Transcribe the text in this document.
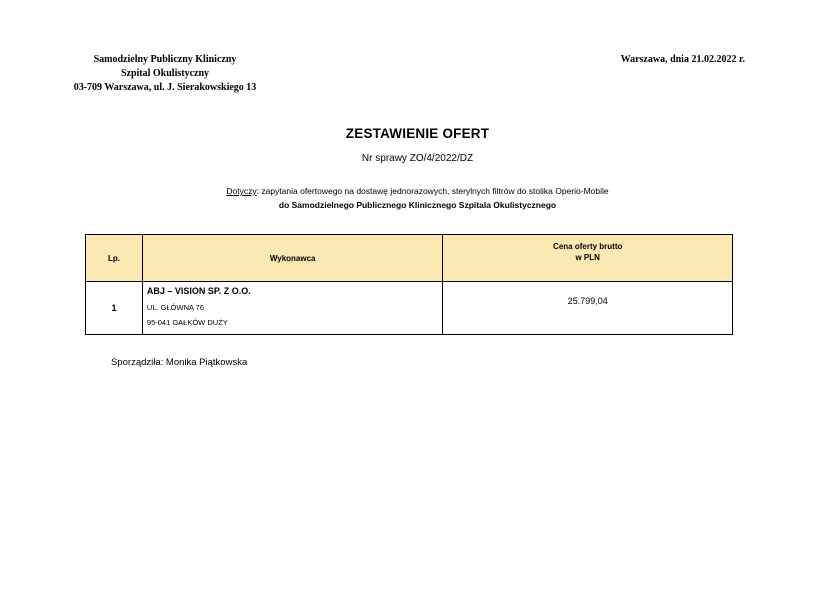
Samodzielny Publiczny Kliniczny
Szpital Okulistyczny
03-709 Warszawa, ul. J. Sierakowskiego 13
Warszawa, dnia 21.02.2022 r.
ZESTAWIENIE OFERT
Nr sprawy ZO/4/2022/DZ
Dotyczy: zapytania ofertowego na dostawę jednorazowych, sterylnych filtrów do stolika Operio-Mobile
do Samodzielnego Publicznego Klinicznego Szpitala Okulistycznego
Lp.	Wykonawca	Cena oferty brutto
w PLN

1	ABJ – VISION SP. Z O.O.
UL. GŁÓWNA 76
95-041 GAŁKÓW DUŻY	25.799,04
Sporządziła: Monika Piątkowska
